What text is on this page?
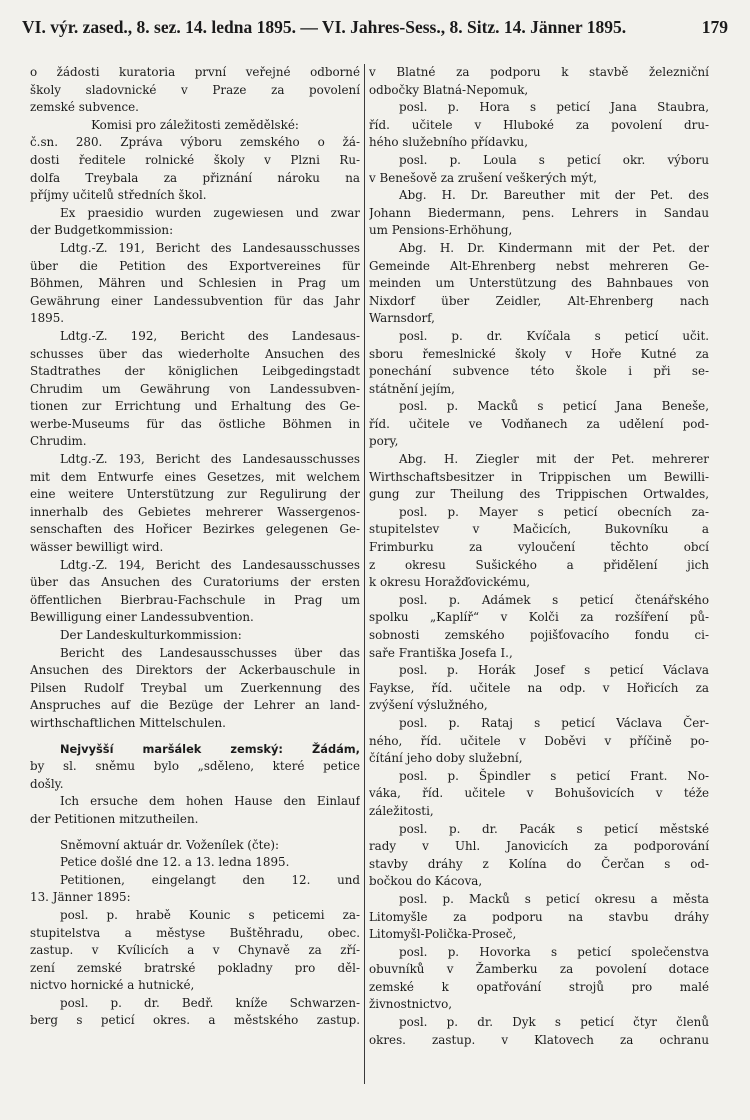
VI. výr. zased., 8. sez. 14. ledna 1895. — VI. Jahres-Sess., 8. Sitz. 14. Jänner 1895.	179
o žádosti kuratoria první veřejné odborné
školy sladovnické v Praze za povolení
zemské subvence.
Komisi pro záležitosti zemědělské:
č.sn. 280. Zpráva výboru zemského o žá-
dosti ředitele rolnické školy v Plzni Ru-
dolfa Treybala za přiznání nároku na
příjmy učitelů středních škol.
Ex praesidio wurden zugewiesen und zwar
der Budgetkommission:
Ldtg.-Z. 191, Bericht des Landesausschusses
über die Petition des Exportvereines für
Böhmen, Mähren und Schlesien in Prag um
Gewährung einer Landessubvention für das Jahr
1895.
Ldtg.-Z. 192, Bericht des Landesaus-
schusses über das wiederholte Ansuchen des
Stadtrathes der königlichen Leibgedingstadt
Chrudim um Gewährung von Landessubven-
tionen zur Errichtung und Erhaltung des Ge-
werbe-Museums für das östliche Böhmen in
Chrudim.
Ldtg.-Z. 193, Bericht des Landesausschusses
mit dem Entwurfe eines Gesetzes, mit welchem
eine weitere Unterstützung zur Regulirung der
innerhalb des Gebietes mehrerer Wassergenos-
senschaften des Hořicer Bezirkes gelegenen Ge-
wässer bewilligt wird.
Ldtg.-Z. 194, Bericht des Landesausschusses
über das Ansuchen des Curatoriums der ersten
öffentlichen Bierbrau-Fachschule in Prag um
Bewilligung einer Landessubvention.
Der Landeskulturkommission:
Bericht des Landesausschusses über das
Ansuchen des Direktors der Ackerbauschule in
Pilsen Rudolf Treybal um Zuerkennung des
Anspruches auf die Bezüge der Lehrer an land-
wirthschaftlichen Mittelschulen.
Nejvyšší maršálek zemský: Žádám,
by sl. sněmu bylo „sděleno, které petice
došly.
Ich ersuche dem hohen Hause den Einlauf
der Petitionen mitzutheilen.
Sněmovní aktuár dr. Voženílek (čte):
Petice došlé dne 12. a 13. ledna 1895.
Petitionen, eingelangt den 12. und
13. Jänner 1895:
posl. p. hrabě Kounic s peticemi za-
stupitelstva a městyse Buštěhradu, obec.
zastup. v Kvílicích a v Chynavě za zří-
zení zemské bratrské pokladny pro děl-
nictvo hornické a hutnické,
posl. p. dr. Bedř. kníže Schwarzen-
berg s peticí okres. a městského zastup.
v Blatné za podporu k stavbě železniční
odbočky Blatná-Nepomuk,
posl. p. Hora s peticí Jana Staubra,
říd. učitele v Hluboké za povolení dru-
hého služebního přídavku,
posl. p. Loula s peticí okr. výboru
v Benešově za zrušení veškerých mýt,
Abg. H. Dr. Bareuther mit der Pet. des
Johann Biedermann, pens. Lehrers in Sandau
um Pensions-Erhöhung,
Abg. H. Dr. Kindermann mit der Pet. der
Gemeinde Alt-Ehrenberg nebst mehreren Ge-
meinden um Unterstützung des Bahnbaues von
Nixdorf über Zeidler, Alt-Ehrenberg nach
Warnsdorf,
posl. p. dr. Kvíčala s peticí učit.
sboru řemeslnické školy v Hoře Kutné za
ponechání subvence této škole i při se-
státnění jejím,
posl. p. Macků s peticí Jana Beneše,
říd. učitele ve Vodňanech za udělení pod-
pory,
Abg. H. Ziegler mit der Pet. mehrerer
Wirthschaftsbesitzer in Trippischen um Bewilli-
gung zur Theilung des Trippischen Ortwaldes,
posl. p. Mayer s peticí obecních za-
stupitelstev v Mačicích, Bukovníku a
Frimburku za vyloučení těchto obcí
z okresu Sušického a přidělení jich
k okresu Horažďovickému,
posl. p. Adámek s peticí čtenářského
spolku „Kaplíř“ v Kolči za rozšíření pů-
sobnosti zemského pojišťovacího fondu ci-
saře Františka Josefa I.,
posl. p. Horák Josef s peticí Václava
Faykse, říd. učitele na odp. v Hořicích za
zvýšení výslužného,
posl. p. Rataj s peticí Václava Čer-
ného, říd. učitele v Doběvi v příčině po-
čítání jeho doby služební,
posl. p. Špindler s peticí Frant. No-
váka, říd. učitele v Bohušovicích v téže
záležitosti,
posl. p. dr. Pacák s peticí městské
rady v Uhl. Janovicích za podporování
stavby dráhy z Kolína do Čerčan s od-
bočkou do Kácova,
posl. p. Macků s peticí okresu a města
Litomyšle za podporu na stavbu dráhy
Litomyšl-Polička-Proseč,
posl. p. Hovorka s peticí společenstva
obuvníků v Žamberku za povolení dotace
zemské k opatřování strojů pro malé
živnostnictvo,
posl. p. dr. Dyk s peticí čtyr členů
okres. zastup. v Klatovech za ochranu
